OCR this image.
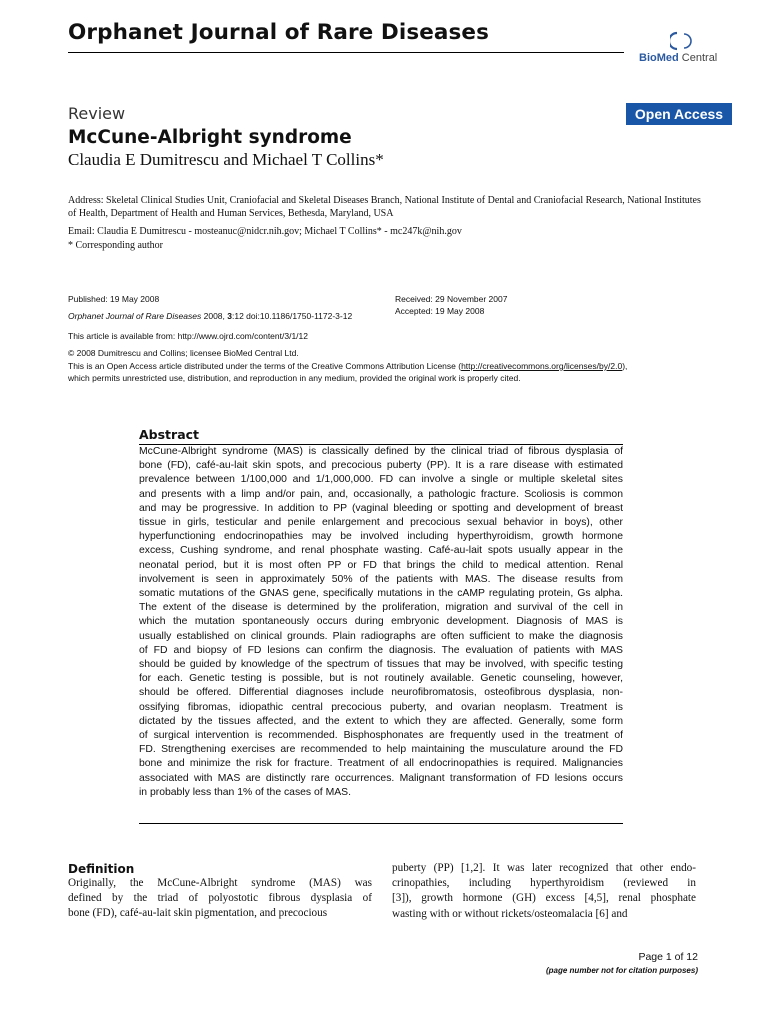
Orphanet Journal of Rare Diseases
BioMed Central
Review	Open Access
McCune-Albright syndrome
Claudia E Dumitrescu and Michael T Collins*
Address: Skeletal Clinical Studies Unit, Craniofacial and Skeletal Diseases Branch, National Institute of Dental and Craniofacial Research, National Institutes of Health, Department of Health and Human Services, Bethesda, Maryland, USA
Email: Claudia E Dumitrescu - mosteanuc@nidcr.nih.gov; Michael T Collins* - mc247k@nih.gov
* Corresponding author
Published: 19 May 2008
Orphanet Journal of Rare Diseases 2008, 3:12 doi:10.1186/1750-1172-3-12
This article is available from: http://www.ojrd.com/content/3/1/12
Received: 29 November 2007
Accepted: 19 May 2008
© 2008 Dumitrescu and Collins; licensee BioMed Central Ltd.
This is an Open Access article distributed under the terms of the Creative Commons Attribution License (http://creativecommons.org/licenses/by/2.0),
which permits unrestricted use, distribution, and reproduction in any medium, provided the original work is properly cited.
Abstract
McCune-Albright syndrome (MAS) is classically defined by the clinical triad of fibrous dysplasia of
bone (FD), café-au-lait skin spots, and precocious puberty (PP). It is a rare disease with estimated
prevalence between 1/100,000 and 1/1,000,000. FD can involve a single or multiple skeletal sites
and presents with a limp and/or pain, and, occasionally, a pathologic fracture. Scoliosis is common
and may be progressive. In addition to PP (vaginal bleeding or spotting and development of breast
tissue in girls, testicular and penile enlargement and precocious sexual behavior in boys), other
hyperfunctioning endocrinopathies may be involved including hyperthyroidism, growth hormone
excess, Cushing syndrome, and renal phosphate wasting. Café-au-lait spots usually appear in the
neonatal period, but it is most often PP or FD that brings the child to medical attention. Renal
involvement is seen in approximately 50% of the patients with MAS. The disease results from
somatic mutations of the GNAS gene, specifically mutations in the cAMP regulating protein, Gs alpha.
The extent of the disease is determined by the proliferation, migration and survival of the cell in
which the mutation spontaneously occurs during embryonic development. Diagnosis of MAS is
usually established on clinical grounds. Plain radiographs are often sufficient to make the diagnosis
of FD and biopsy of FD lesions can confirm the diagnosis. The evaluation of patients with MAS
should be guided by knowledge of the spectrum of tissues that may be involved, with specific testing
for each. Genetic testing is possible, but is not routinely available. Genetic counseling, however,
should be offered. Differential diagnoses include neurofibromatosis, osteofibrous dysplasia, non-
ossifying fibromas, idiopathic central precocious puberty, and ovarian neoplasm. Treatment is
dictated by the tissues affected, and the extent to which they are affected. Generally, some form
of surgical intervention is recommended. Bisphosphonates are frequently used in the treatment of
FD. Strengthening exercises are recommended to help maintaining the musculature around the FD
bone and minimize the risk for fracture. Treatment of all endocrinopathies is required. Malignancies
associated with MAS are distinctly rare occurrences. Malignant transformation of FD lesions occurs
in probably less than 1% of the cases of MAS.
Definition
Originally, the McCune-Albright syndrome (MAS) was
defined by the triad of polyostotic fibrous dysplasia of
bone (FD), café-au-lait skin pigmentation, and precocious
puberty (PP) [1,2]. It was later recognized that other endo-
crinopathies, including hyperthyroidism (reviewed in
[3]), growth hormone (GH) excess [4,5], renal phosphate
wasting with or without rickets/osteomalacia [6] and
Page 1 of 12
(page number not for citation purposes)
